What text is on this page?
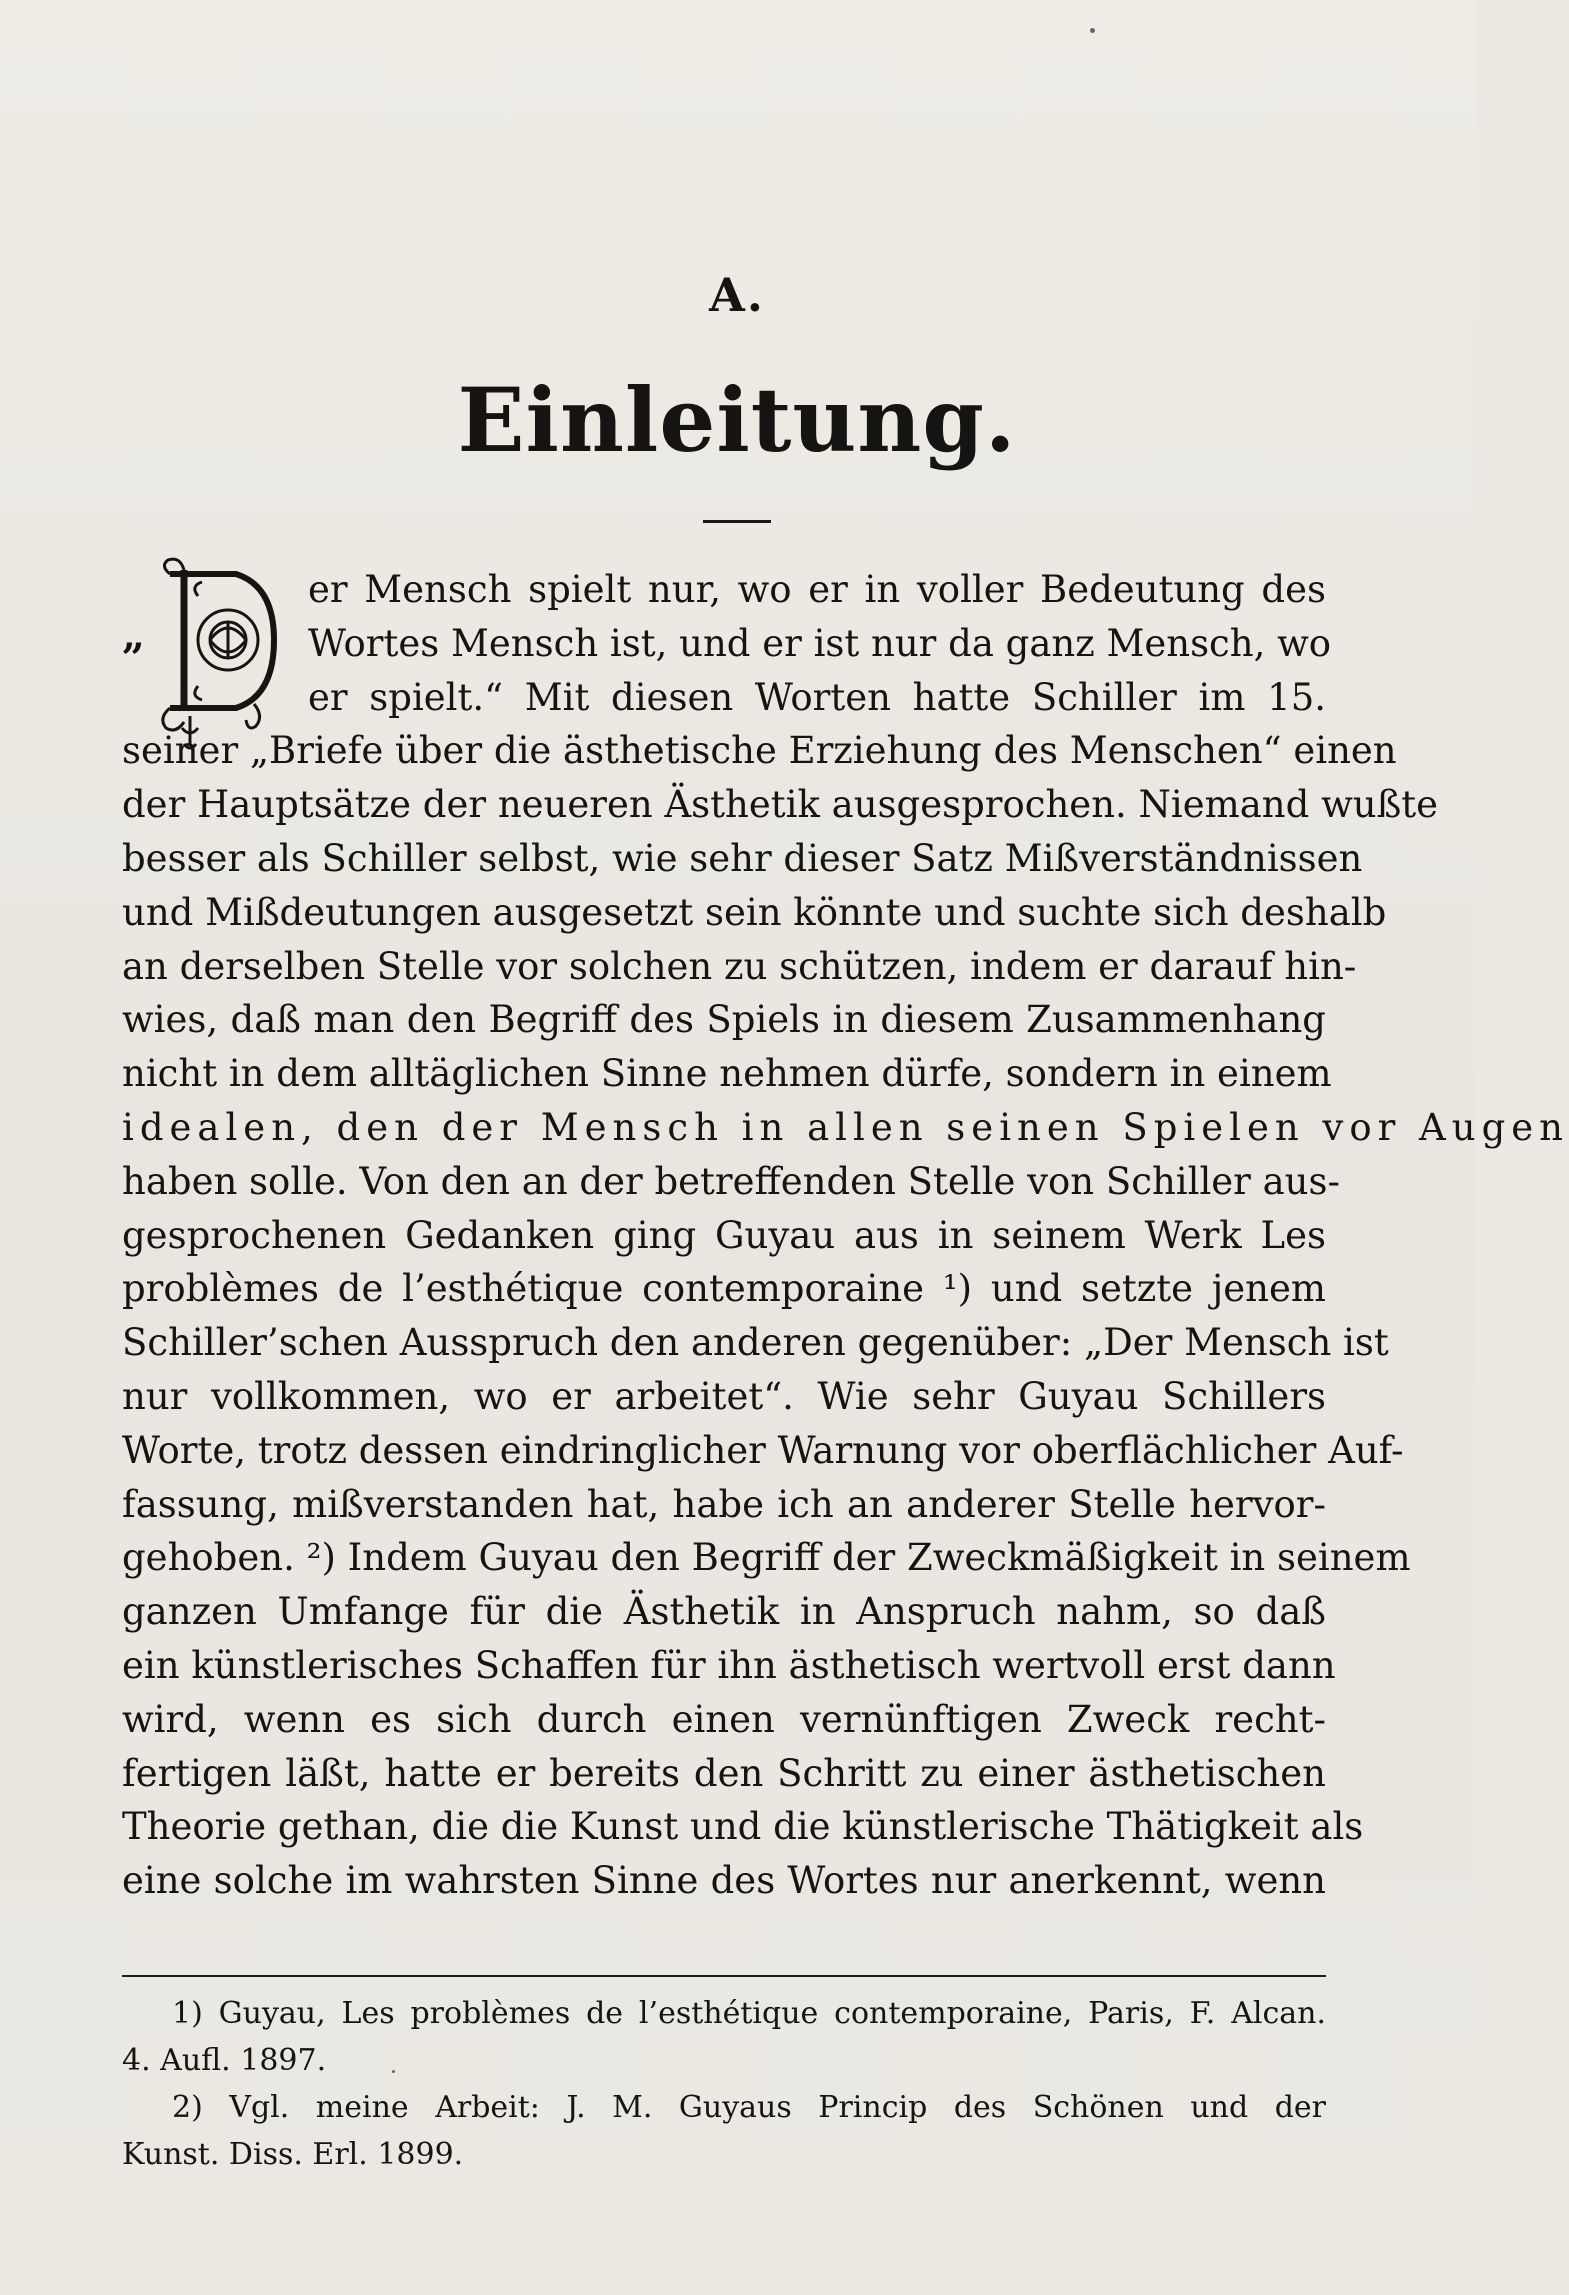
A.
Einleitung.
„
er Mensch spielt nur, wo er in voller Bedeutung des
Wortes Mensch ist, und er ist nur da ganz Mensch, wo
er spielt.“ Mit diesen Worten hatte Schiller im 15.
seiner „Briefe über die ästhetische Erziehung des Menschen“ einen
der Hauptsätze der neueren Ästhetik ausgesprochen. Niemand wußte
besser als Schiller selbst, wie sehr dieser Satz Mißverständnissen
und Mißdeutungen ausgesetzt sein könnte und suchte sich deshalb
an derselben Stelle vor solchen zu schützen, indem er darauf hin-
wies, daß man den Begriff des Spiels in diesem Zusammenhang
nicht in dem alltäglichen Sinne nehmen dürfe, sondern in einem
idealen, den der Mensch in allen seinen Spielen vor Augen
haben solle. Von den an der betreffenden Stelle von Schiller aus-
gesprochenen Gedanken ging Guyau aus in seinem Werk Les
problèmes de l’esthétique contemporaine ¹) und setzte jenem
Schiller’schen Ausspruch den anderen gegenüber: „Der Mensch ist
nur vollkommen, wo er arbeitet“. Wie sehr Guyau Schillers
Worte, trotz dessen eindringlicher Warnung vor oberflächlicher Auf-
fassung, mißverstanden hat, habe ich an anderer Stelle hervor-
gehoben. ²) Indem Guyau den Begriff der Zweckmäßigkeit in seinem
ganzen Umfange für die Ästhetik in Anspruch nahm, so daß
ein künstlerisches Schaffen für ihn ästhetisch wertvoll erst dann
wird, wenn es sich durch einen vernünftigen Zweck recht-
fertigen läßt, hatte er bereits den Schritt zu einer ästhetischen
Theorie gethan, die die Kunst und die künstlerische Thätigkeit als
eine solche im wahrsten Sinne des Wortes nur anerkennt, wenn
1) Guyau, Les problèmes de l’esthétique contemporaine, Paris, F. Alcan.
4. Aufl. 1897.
2) Vgl. meine Arbeit: J. M. Guyaus Princip des Schönen und der
Kunst. Diss. Erl. 1899.
